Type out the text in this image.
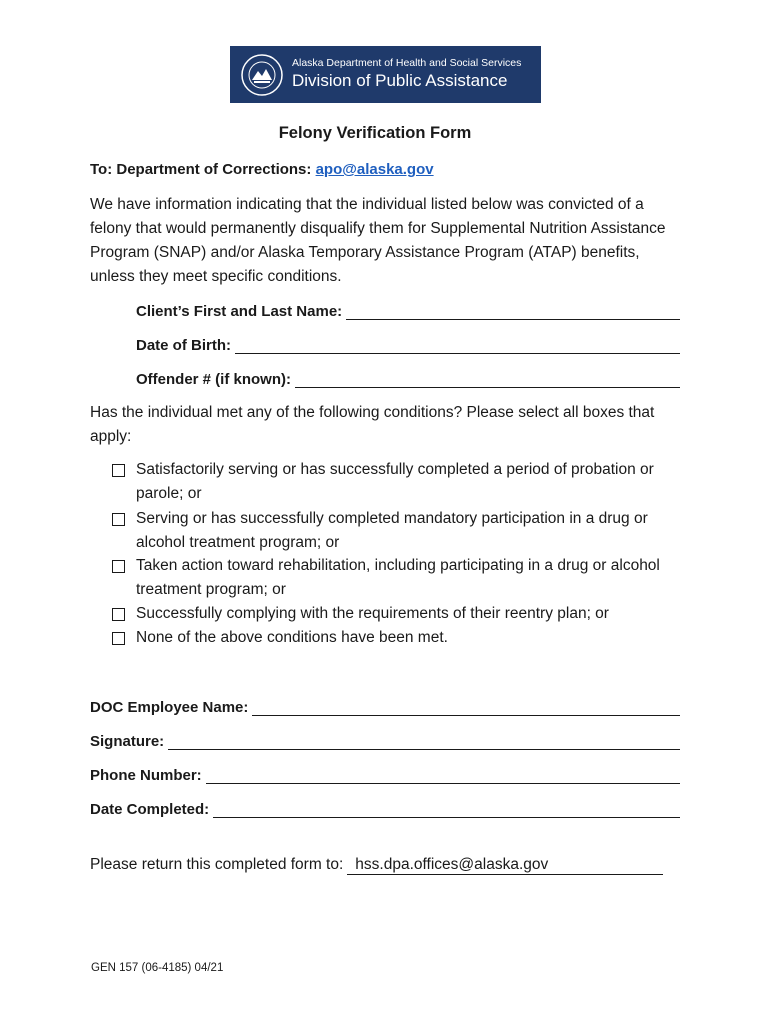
Alaska Department of Health and Social Services
Division of Public Assistance
Felony Verification Form
To: Department of Corrections: apo@alaska.gov
We have information indicating that the individual listed below was convicted of a felony that would permanently disqualify them for Supplemental Nutrition Assistance Program (SNAP) and/or Alaska Temporary Assistance Program (ATAP) benefits, unless they meet specific conditions.
Client’s First and Last Name:
Date of Birth:
Offender # (if known):
Has the individual met any of the following conditions? Please select all boxes that apply:
Satisfactorily serving or has successfully completed a period of probation or parole; or
Serving or has successfully completed mandatory participation in a drug or alcohol treatment program; or
Taken action toward rehabilitation, including participating in a drug or alcohol treatment program; or
Successfully complying with the requirements of their reentry plan; or
None of the above conditions have been met.
DOC Employee Name:
Signature:
Phone Number:
Date Completed:
Please return this completed form to: hss.dpa.offices@alaska.gov
GEN 157 (06-4185) 04/21
